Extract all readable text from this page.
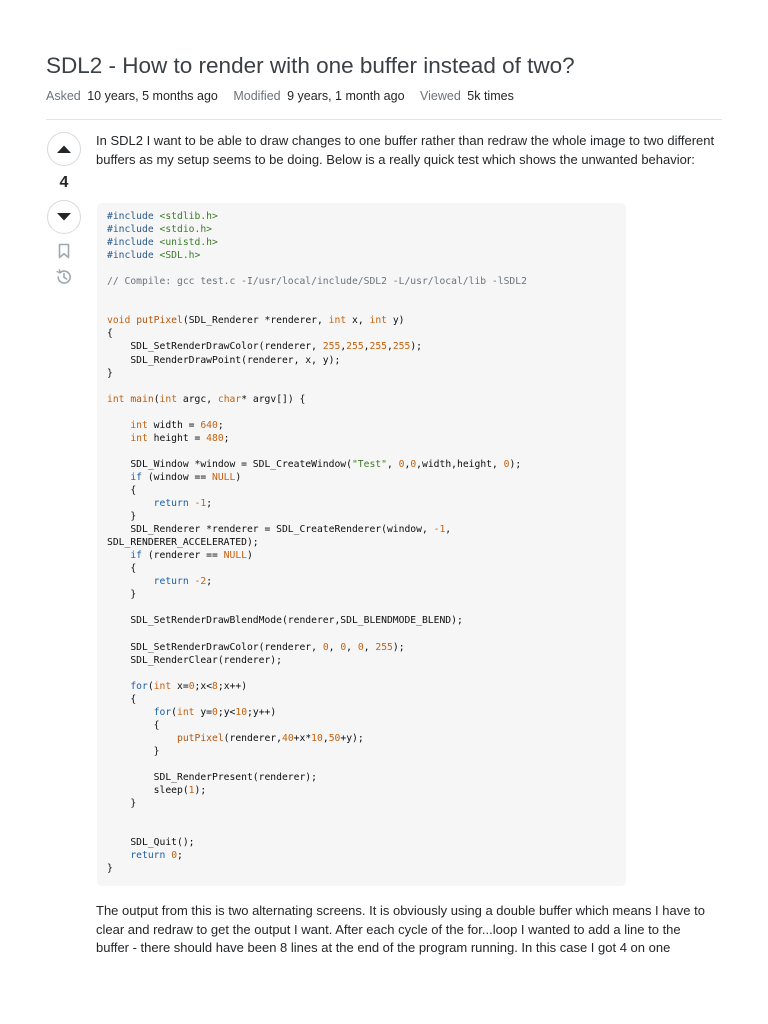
SDL2 - How to render with one buffer instead of two?
Asked 10 years, 5 months ago Modified 9 years, 1 month ago Viewed 5k times
4

In SDL2 I want to be able to draw changes to one buffer rather than redraw the whole image to two different buffers as my setup seems to be doing. Below is a really quick test which shows the unwanted behavior:

#include <stdlib.h>
#include <stdio.h>
#include <unistd.h>
#include <SDL.h>

// Compile: gcc test.c -I/usr/local/include/SDL2 -L/usr/local/lib -lSDL2

void putPixel(SDL_Renderer *renderer, int x, int y)
{
SDL_SetRenderDrawColor(renderer, 255,255,255,255);
SDL_RenderDrawPoint(renderer, x, y);
}

int main(int argc, char* argv[]) {

int width = 640;
int height = 480;

SDL_Window *window = SDL_CreateWindow("Test", 0,0,width,height, 0);
if (window == NULL)
{
return -1;
}
SDL_Renderer *renderer = SDL_CreateRenderer(window, -1,
SDL_RENDERER_ACCELERATED);
if (renderer == NULL)
{
return -2;
}

SDL_SetRenderDrawBlendMode(renderer,SDL_BLENDMODE_BLEND);

SDL_SetRenderDrawColor(renderer, 0, 0, 0, 255);
SDL_RenderClear(renderer);

for(int x=0;x<8;x++)
{
for(int y=0;y<10;y++)
{
putPixel(renderer,40+x*10,50+y);
}

SDL_RenderPresent(renderer);
sleep(1);
}

SDL_Quit();
return 0;
}

The output from this is two alternating screens. It is obviously using a double buffer which means I have to clear and redraw to get the output I want. After each cycle of the for...loop I wanted to add a line to the buffer - there should have been 8 lines at the end of the program running. In this case I got 4 on one
